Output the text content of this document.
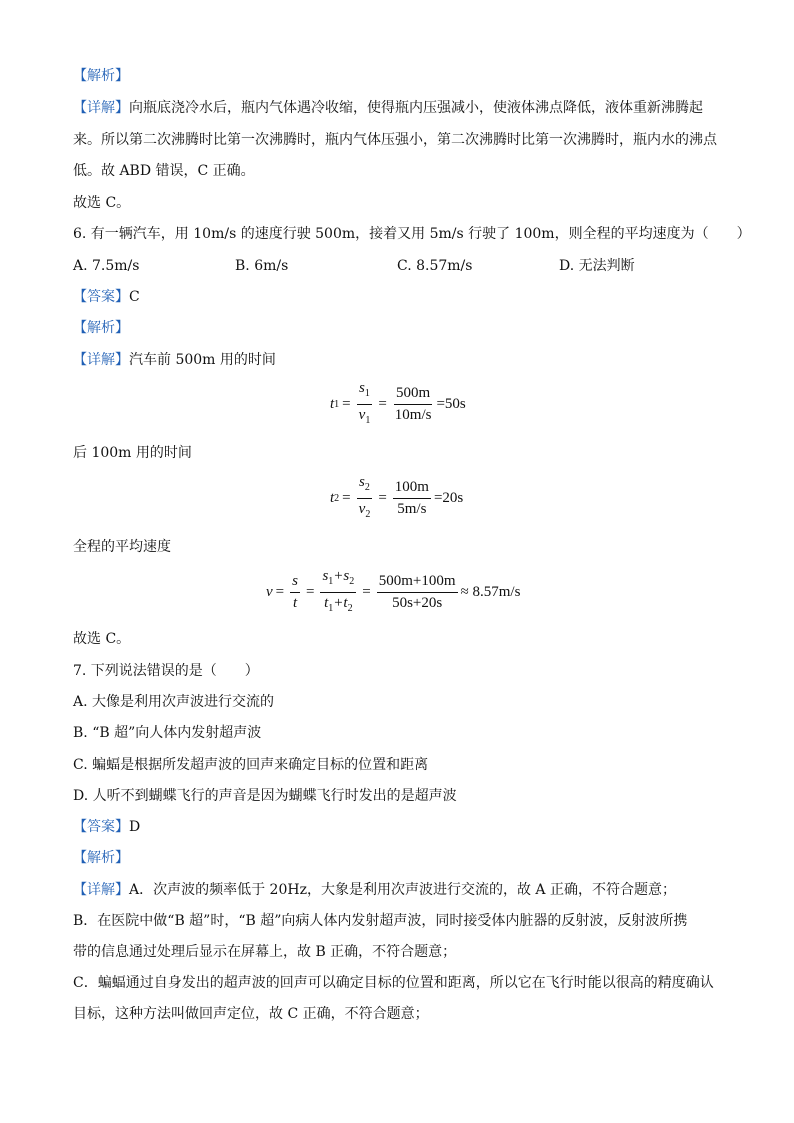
【解析】
【详解】向瓶底浇冷水后，瓶内气体遇冷收缩，使得瓶内压强减小，使液体沸点降低，液体重新沸腾起
来。所以第二次沸腾时比第一次沸腾时，瓶内气体压强小，第二次沸腾时比第一次沸腾时，瓶内水的沸点
低。故 ABD 错误，C 正确。
故选 C。
6. 有一辆汽车，用 10m/s 的速度行驶 500m，接着又用 5m/s 行驶了 100m，则全程的平均速度为（　　）
A. 7.5m/s	B. 6m/s	C. 8.57m/s	D. 无法判断
【答案】C
【解析】
【详解】汽车前 500m 用的时间
t $1 = \frac{s_1}{v_1} = \frac{500m}{10m/s} =50s$
后 100m 用的时间
t $2 = \frac{s_2}{v_2} = \frac{100m}{5m/s} =20s$
全程的平均速度
$v = \frac{s}{t} = \frac{s_1+s_2}{t_1+t_2} = \frac{500m+100m}{50s+20s} \approx 8.57m/s$
故选 C。
7. 下列说法错误的是（　　）
A. 大像是利用次声波进行交流的
B. “B 超”向人体内发射超声波
C. 蝙蝠是根据所发超声波的回声来确定目标的位置和距离
D. 人听不到蝴蝶飞行的声音是因为蝴蝶飞行时发出的是超声波
【答案】D
【解析】
【详解】A．次声波的频率低于 20Hz，大象是利用次声波进行交流的，故 A 正确，不符合题意；
B．在医院中做“B 超”时，“B 超”向病人体内发射超声波，同时接受体内脏器的反射波，反射波所携
带的信息通过处理后显示在屏幕上，故 B 正确，不符合题意；
C．蝙蝠通过自身发出的超声波的回声可以确定目标的位置和距离，所以它在飞行时能以很高的精度确认
目标，这种方法叫做回声定位，故 C 正确，不符合题意；
